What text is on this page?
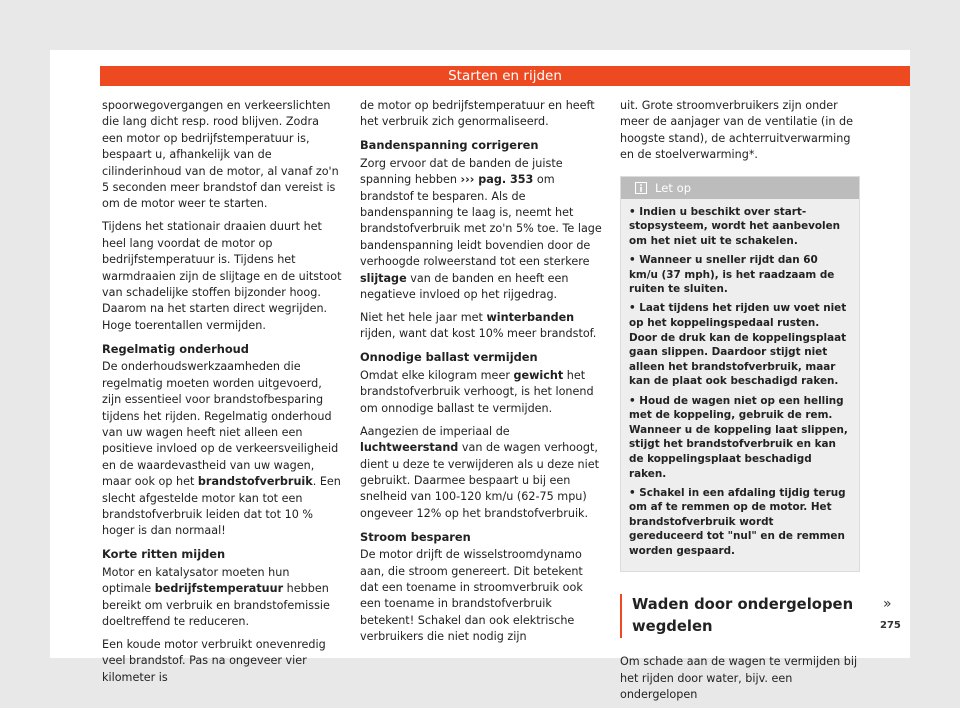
Starten en rijden

spoorwegovergangen en verkeerslichten die lang dicht resp. rood blijven. Zodra een motor op bedrijfstemperatuur is, bespaart u, afhankelijk van de cilinderinhoud van de motor, al vanaf zo'n 5 seconden meer brandstof dan vereist is om de motor weer te starten.

Tijdens het stationair draaien duurt het heel lang voordat de motor op bedrijfstemperatuur is. Tijdens het warmdraaien zijn de slijtage en de uitstoot van schadelijke stoffen bijzonder hoog. Daarom na het starten direct wegrijden. Hoge toerentallen vermijden.

Regelmatig onderhoud

De onderhoudswerkzaamheden die regelmatig moeten worden uitgevoerd, zijn essentieel voor brandstofbesparing tijdens het rijden. Regelmatig onderhoud van uw wagen heeft niet alleen een positieve invloed op de verkeersveiligheid en de waardevastheid van uw wagen, maar ook op het brandstofverbruik. Een slecht afgestelde motor kan tot een brandstofverbruik leiden dat tot 10 % hoger is dan normaal!

Korte ritten mijden

Motor en katalysator moeten hun optimale bedrijfstemperatuur hebben bereikt om verbruik en brandstofemissie doeltreffend te reduceren.

Een koude motor verbruikt onevenredig veel brandstof. Pas na ongeveer vier kilometer is

de motor op bedrijfstemperatuur en heeft het verbruik zich genormaliseerd.

Bandenspanning corrigeren

Zorg ervoor dat de banden de juiste spanning hebben ››› pag. 353 om brandstof te besparen. Als de bandenspanning te laag is, neemt het brandstofverbruik met zo'n 5% toe. Te lage bandenspanning leidt bovendien door de verhoogde rolweerstand tot een sterkere slijtage van de banden en heeft een negatieve invloed op het rijgedrag.

Niet het hele jaar met winterbanden rijden, want dat kost 10% meer brandstof.

Onnodige ballast vermijden

Omdat elke kilogram meer gewicht het brandstofverbruik verhoogt, is het lonend om onnodige ballast te vermijden.

Aangezien de imperiaal de luchtweerstand van de wagen verhoogt, dient u deze te verwijderen als u deze niet gebruikt. Daarmee bespaart u bij een snelheid van 100-120 km/u (62-75 mpu) ongeveer 12% op het brandstofverbruik.

Stroom besparen

De motor drijft de wisselstroomdynamo aan, die stroom genereert. Dit betekent dat een toename in stroomverbruik ook een toename in brandstofverbruik betekent! Schakel dan ook elektrische verbruikers die niet nodig zijn

uit. Grote stroomverbruikers zijn onder meer de aanjager van de ventilatie (in de hoogste stand), de achterruitverwarming en de stoelverwarming*.

Let op
• Indien u beschikt over start-stopsysteem, wordt het aanbevolen om het niet uit te schakelen.
• Wanneer u sneller rijdt dan 60 km/u (37 mph), is het raadzaam de ruiten te sluiten.
• Laat tijdens het rijden uw voet niet op het koppelingspedaal rusten. Door de druk kan de koppelingsplaat gaan slippen. Daardoor stijgt niet alleen het brandstofverbruik, maar kan de plaat ook beschadigd raken.
• Houd de wagen niet op een helling met de koppeling, gebruik de rem. Wanneer u de koppeling laat slippen, stijgt het brandstofverbruik en kan de koppelingsplaat beschadigd raken.
• Schakel in een afdaling tijdig terug om af te remmen op de motor. Het brandstofverbruik wordt gereduceerd tot "nul" en de remmen worden gespaard.
Waden door ondergelopen wegdelen

Om schade aan de wagen te vermijden bij het rijden door water, bijv. een ondergelopen

»
275
